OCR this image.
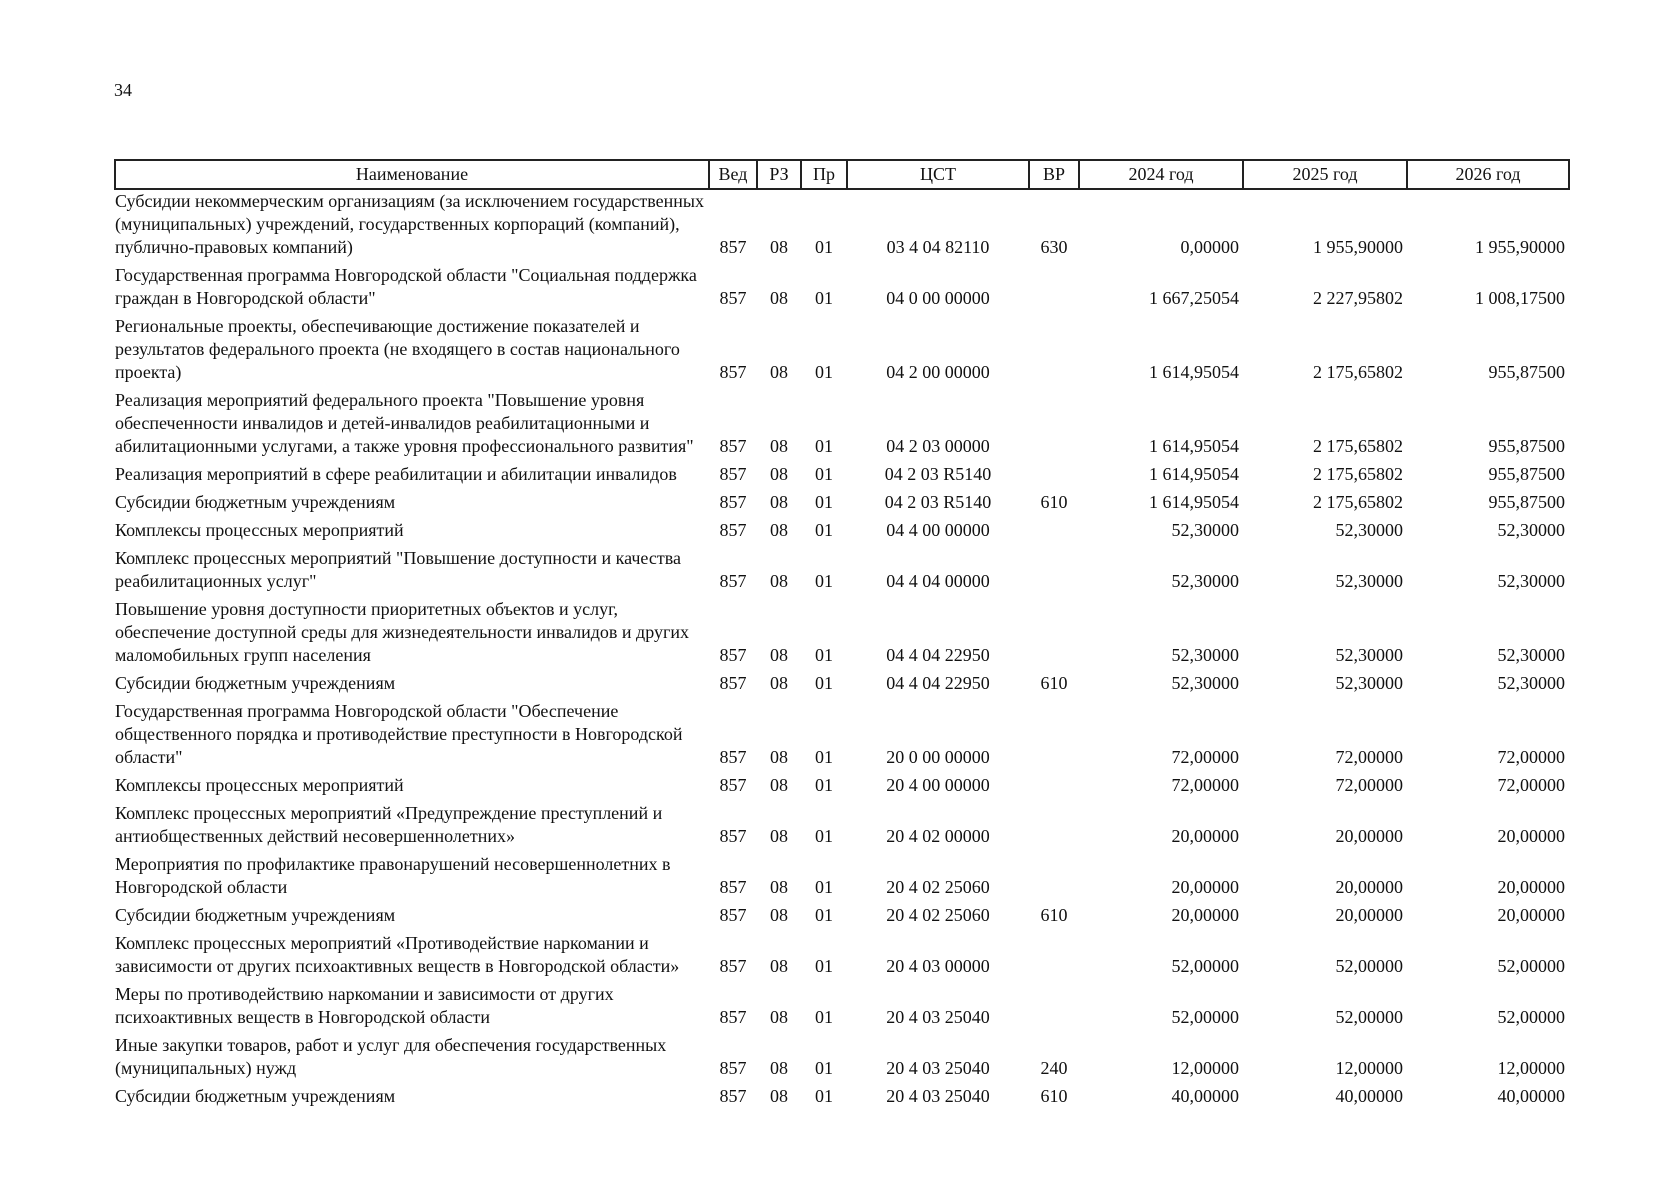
34
Наименование	Вед	РЗ	Пр	ЦСТ	ВР	2024 год	2025 год	2026 год
Субсидии некоммерческим организациям (за исключением государственных (муниципальных) учреждений, государственных корпораций (компаний), публично-правовых компаний)	857	08	01	03 4 04 82110	630	0,00000	1 955,90000	1 955,90000
Государственная программа Новгородской области "Социальная поддержка граждан в Новгородской области"	857	08	01	04 0 00 00000		1 667,25054	2 227,95802	1 008,17500
Региональные проекты, обеспечивающие достижение показателей и результатов федерального проекта (не входящего в состав национального проекта)	857	08	01	04 2 00 00000		1 614,95054	2 175,65802	955,87500
Реализация мероприятий федерального проекта "Повышение уровня обеспеченности инвалидов и детей-инвалидов реабилитационными и абилитационными услугами, а также уровня профессионального развития"	857	08	01	04 2 03 00000		1 614,95054	2 175,65802	955,87500
Реализация мероприятий в сфере реабилитации и абилитации инвалидов	857	08	01	04 2 03 R5140		1 614,95054	2 175,65802	955,87500
Субсидии бюджетным учреждениям	857	08	01	04 2 03 R5140	610	1 614,95054	2 175,65802	955,87500
Комплексы процессных мероприятий	857	08	01	04 4 00 00000		52,30000	52,30000	52,30000
Комплекс процессных мероприятий "Повышение доступности и качества реабилитационных услуг"	857	08	01	04 4 04 00000		52,30000	52,30000	52,30000
Повышение уровня доступности приоритетных объектов и услуг, обеспечение доступной среды для жизнедеятельности инвалидов и других маломобильных групп населения	857	08	01	04 4 04 22950		52,30000	52,30000	52,30000
Субсидии бюджетным учреждениям	857	08	01	04 4 04 22950	610	52,30000	52,30000	52,30000
Государственная программа Новгородской области "Обеспечение общественного порядка и противодействие преступности в Новгородской области"	857	08	01	20 0 00 00000		72,00000	72,00000	72,00000
Комплексы процессных мероприятий	857	08	01	20 4 00 00000		72,00000	72,00000	72,00000
Комплекс процессных мероприятий «Предупреждение преступлений и антиобщественных действий несовершеннолетних»	857	08	01	20 4 02 00000		20,00000	20,00000	20,00000
Мероприятия по профилактике правонарушений несовершеннолетних в Новгородской области	857	08	01	20 4 02 25060		20,00000	20,00000	20,00000
Субсидии бюджетным учреждениям	857	08	01	20 4 02 25060	610	20,00000	20,00000	20,00000
Комплекс процессных мероприятий «Противодействие наркомании и зависимости от других психоактивных веществ в Новгородской области»	857	08	01	20 4 03 00000		52,00000	52,00000	52,00000
Меры по противодействию наркомании и зависимости от других психоактивных веществ в Новгородской области	857	08	01	20 4 03 25040		52,00000	52,00000	52,00000
Иные закупки товаров, работ и услуг для обеспечения государственных (муниципальных) нужд	857	08	01	20 4 03 25040	240	12,00000	12,00000	12,00000
Субсидии бюджетным учреждениям	857	08	01	20 4 03 25040	610	40,00000	40,00000	40,00000
